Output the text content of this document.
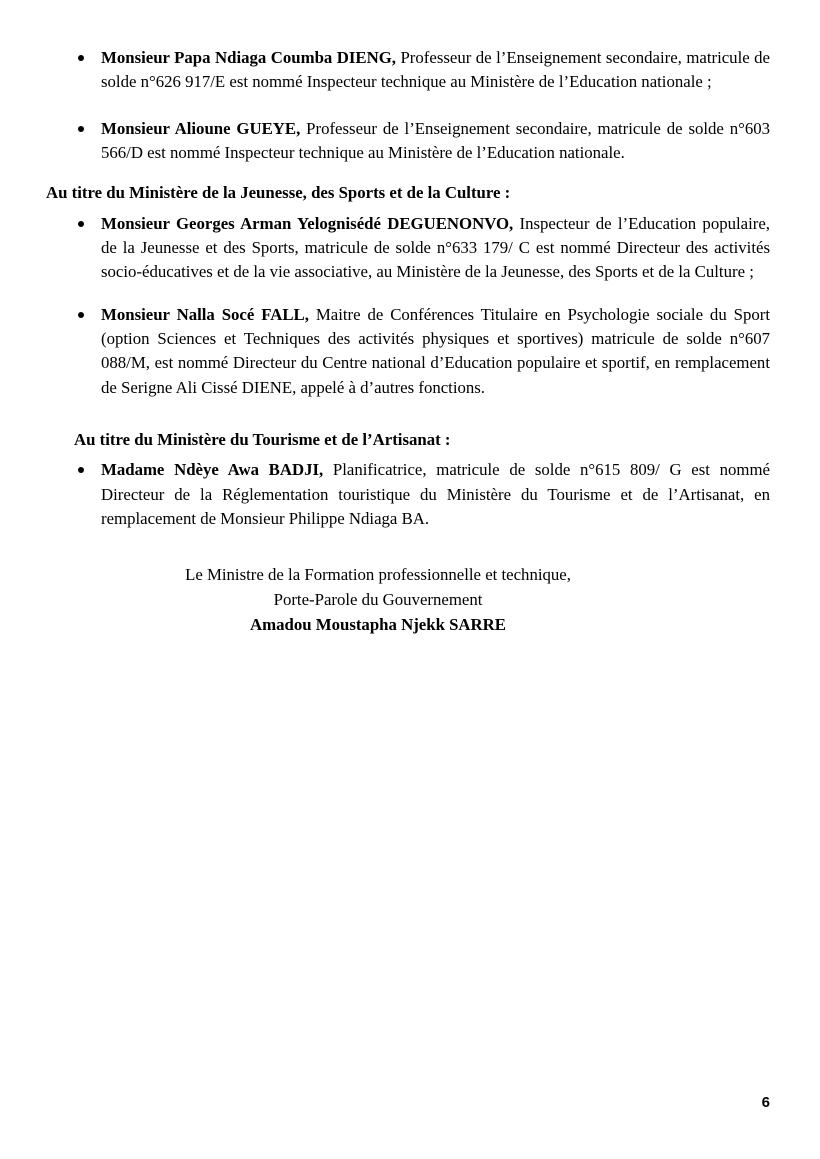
Monsieur Papa Ndiaga Coumba DIENG, Professeur de l’Enseignement secondaire, matricule de solde n°626 917/E est nommé Inspecteur technique au Ministère de l’Education nationale ;
Monsieur Alioune GUEYE, Professeur de l’Enseignement secondaire, matricule de solde n°603 566/D est nommé Inspecteur technique au Ministère de l’Education nationale.
Au titre du Ministère de la Jeunesse, des Sports et de la Culture :
Monsieur Georges Arman Yelognisédé DEGUENONVO, Inspecteur de l’Education populaire, de la Jeunesse et des Sports, matricule de solde n°633 179/ C est nommé Directeur des activités socio-éducatives et de la vie associative, au Ministère de la Jeunesse, des Sports et de la Culture ;
Monsieur Nalla Socé FALL, Maitre de Conférences Titulaire en Psychologie sociale du Sport (option Sciences et Techniques des activités physiques et sportives) matricule de solde n°607 088/M, est nommé Directeur du Centre national d’Education populaire et sportif, en remplacement de Serigne Ali Cissé DIENE, appelé à d’autres fonctions.
Au titre du Ministère du Tourisme et de l’Artisanat :
Madame Ndèye Awa BADJI, Planificatrice, matricule de solde n°615 809/ G est nommé Directeur de la Réglementation touristique du Ministère du Tourisme et de l’Artisanat, en remplacement de Monsieur Philippe Ndiaga BA.
Le Ministre de la Formation professionnelle et technique,
Porte-Parole du Gouvernement
Amadou Moustapha Njekk SARRE
6
